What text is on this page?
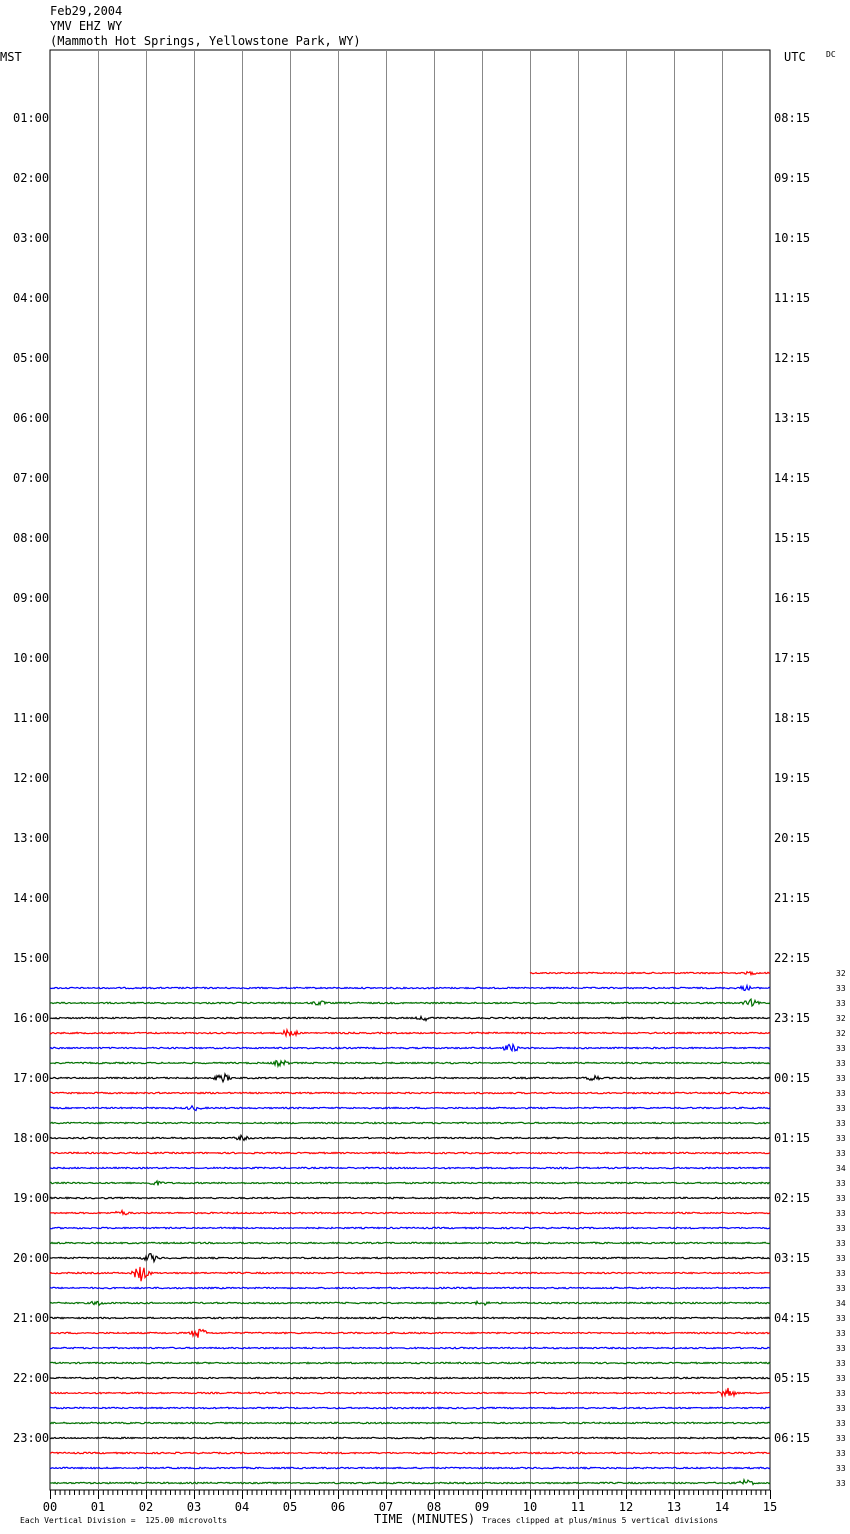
Feb29,2004
YMV EHZ WY
(Mammoth Hot Springs, Yellowstone Park, WY)
MST	UTC	DC
32
33
33
32
32
33
33
33
33
33
33
33
33
34
33
33
33
33
33
33
33
33
34
33
33
33
33
33
33
33
33
33
33
33
33
01:00
02:00
03:00
04:00
05:00
06:00
07:00
08:00
09:00
10:00
11:00
12:00
13:00
14:00
15:00
16:00
17:00
18:00
19:00
20:00
21:00
22:00
23:00
08:15
09:15
10:15
11:15
12:15
13:15
14:15
15:15
16:15
17:15
18:15
19:15
20:15
21:15
22:15
23:15
00:15
01:15
02:15
03:15
04:15
05:15
06:15
00	01	02	03	04	05	06	07	08	09	10	11	12	13	14	15
Each Vertical Division =  125.00 microvolts	TIME (MINUTES) Traces clipped at plus/minus 5 vertical divisions
